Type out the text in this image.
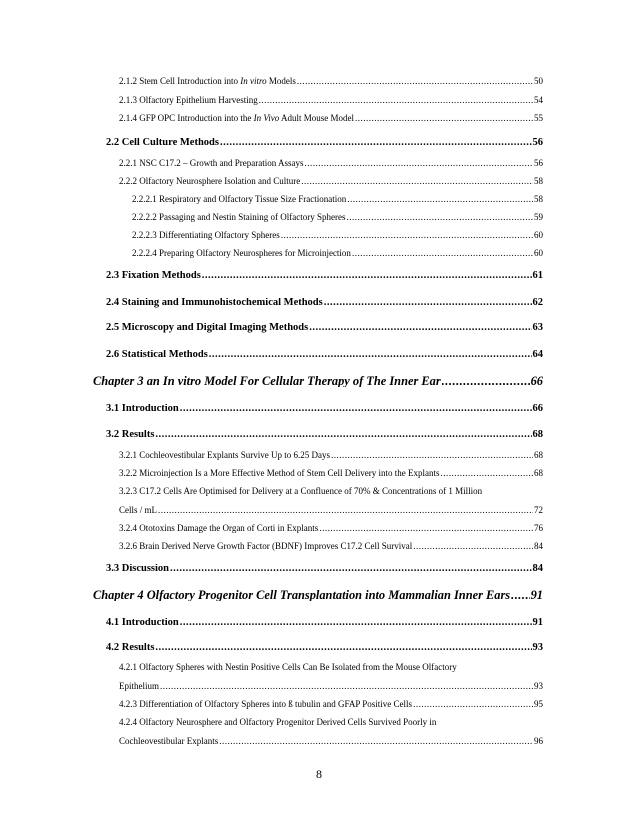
2.1.2 Stem Cell Introduction into In vitro Models .....	50
2.1.3 Olfactory Epithelium Harvesting .....	54
2.1.4 GFP OPC Introduction into the In Vivo Adult Mouse Model .....	55
2.2 Cell Culture Methods .....	56
2.2.1 NSC C17.2 – Growth and Preparation Assays .....	56
2.2.2 Olfactory Neurosphere Isolation and Culture .....	58
2.2.2.1 Respiratory and Olfactory Tissue Size Fractionation .....	58
2.2.2.2 Passaging and Nestin Staining of Olfactory Spheres .....	59
2.2.2.3 Differentiating Olfactory Spheres .....	60
2.2.2.4 Preparing Olfactory Neurospheres for Microinjection .....	60
2.3 Fixation Methods .....	61
2.4 Staining and Immunohistochemical Methods .....	62
2.5 Microscopy and Digital Imaging Methods .....	63
2.6 Statistical Methods .....	64
Chapter 3 an In vitro Model For Cellular Therapy of The Inner Ear .....	66
3.1 Introduction .....	66
3.2 Results .....	68
3.2.1 Cochleovestibular Explants Survive Up to 6.25 Days .....	68
3.2.2 Microinjection Is a More Effective Method of Stem Cell Delivery into the Explants .....	68
3.2.3 C17.2 Cells Are Optimised for Delivery at a Confluence of 70% & Concentrations of 1 Million
Cells / mL .....	72
3.2.4 Ototoxins Damage the Organ of Corti in Explants .....	76
3.2.6 Brain Derived Nerve Growth Factor (BDNF) Improves C17.2 Cell Survival .....	84
3.3 Discussion .....	84
Chapter 4 Olfactory Progenitor Cell Transplantation into Mammalian Inner Ears ..... 91
4.1 Introduction .....	91
4.2 Results .....	93
4.2.1 Olfactory Spheres with Nestin Positive Cells Can Be Isolated from the Mouse Olfactory
Epithelium .....	93
4.2.3 Differentiation of Olfactory Spheres into ß tubulin and GFAP Positive Cells .....	95
4.2.4 Olfactory Neurosphere and Olfactory Progenitor Derived Cells Survived Poorly in
Cochleovestibular Explants .....	96
8
